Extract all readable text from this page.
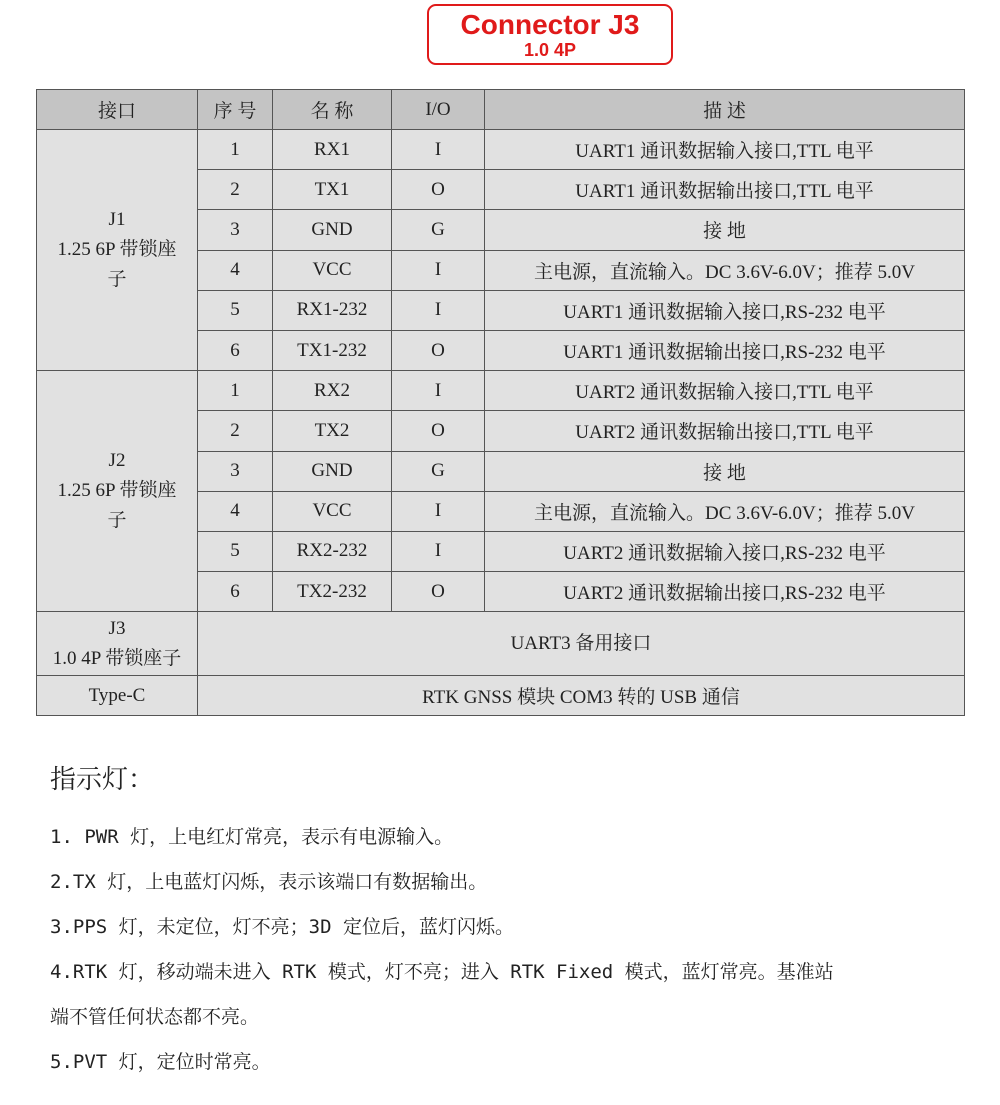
Connector J3
1.0 4P
接口	序 号	名 称	I/O	描 述

J1
1.25 6P 带锁座
子	1	RX1	I	UART1 通讯数据输入接口,TTL 电平
	2	TX1	O	UART1 通讯数据输出接口,TTL 电平
	3	GND	G	接 地
	4	VCC	I	主电源，直流输入。DC 3.6V-6.0V；推荐 5.0V
	5	RX1-232	I	UART1 通讯数据输入接口,RS-232 电平
	6	TX1-232	O	UART1 通讯数据输出接口,RS-232 电平

J2
1.25 6P 带锁座
子	1	RX2	I	UART2 通讯数据输入接口,TTL 电平
	2	TX2	O	UART2 通讯数据输出接口,TTL 电平
	3	GND	G	接 地
	4	VCC	I	主电源，直流输入。DC 3.6V-6.0V；推荐 5.0V
	5	RX2-232	I	UART2 通讯数据输入接口,RS-232 电平
	6	TX2-232	O	UART2 通讯数据输出接口,RS-232 电平

J3
1.0 4P 带锁座子	UART3 备用接口			
Type-C	RTK GNSS 模块 COM3 转的 USB 通信			
指示灯：

1. PWR 灯，上电红灯常亮，表示有电源输入。

2.TX 灯，上电蓝灯闪烁，表示该端口有数据输出。

3.PPS 灯，未定位，灯不亮；3D 定位后，蓝灯闪烁。

4.RTK 灯，移动端未进入 RTK 模式，灯不亮；进入 RTK Fixed 模式，蓝灯常亮。基准站

端不管任何状态都不亮。

5.PVT 灯，定位时常亮。
